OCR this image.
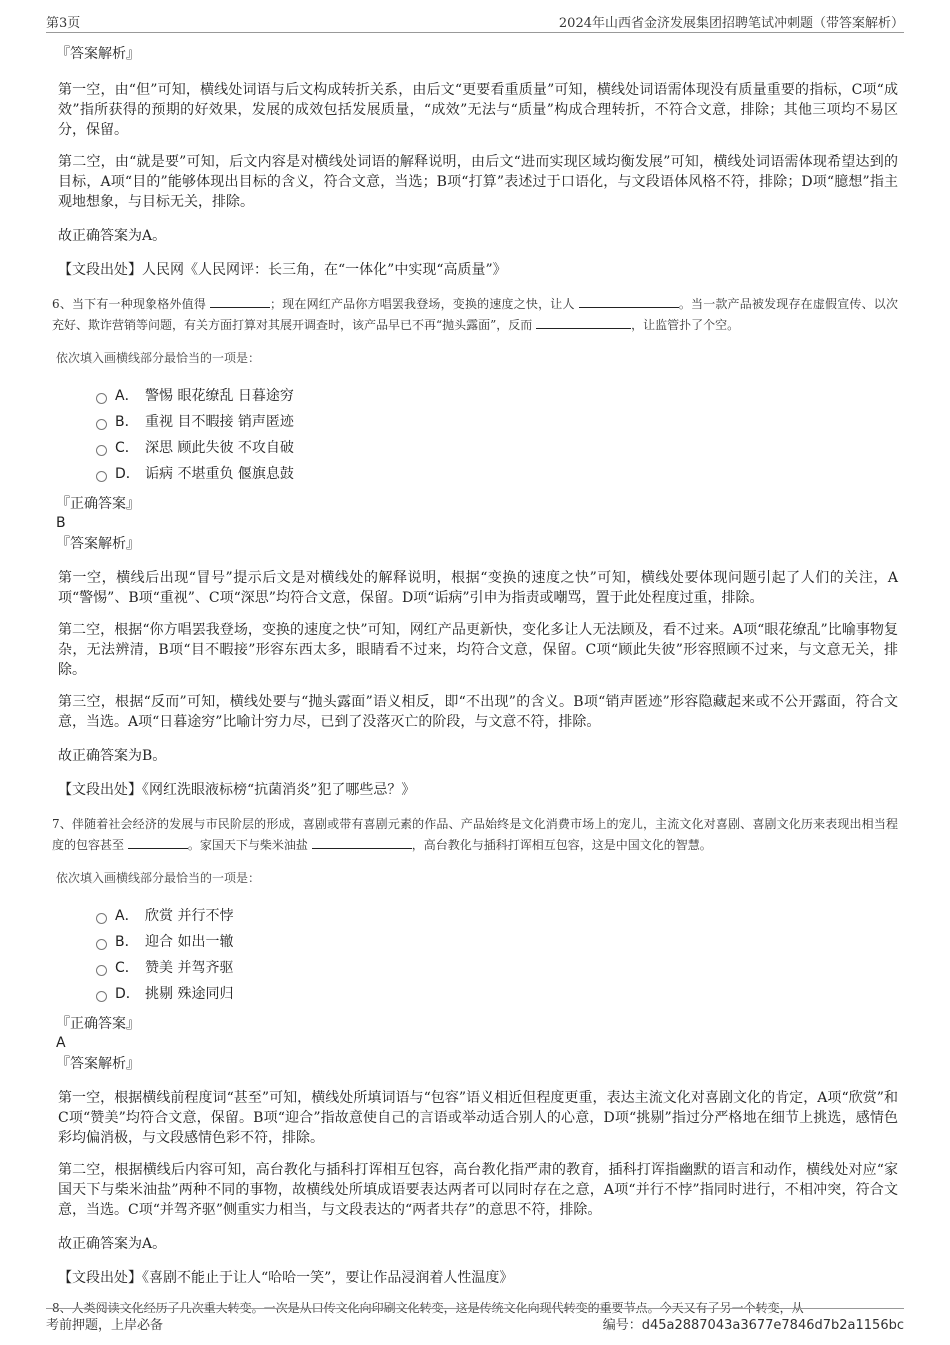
第3页	2024年山西省金济发展集团招聘笔试冲刺题（带答案解析）

『答案解析』

第一空，由“但”可知，横线处词语与后文构成转折关系，由后文“更要看重质量”可知，横线处词语需体现没有质量重要的指标，C项“成效”指所获得的预期的好效果，发展的成效包括发展质量，“成效”无法与“质量”构成合理转折，不符合文意，排除；其他三项均不易区分，保留。

第二空，由“就是要”可知，后文内容是对横线处词语的解释说明，由后文“进而实现区域均衡发展”可知，横线处词语需体现希望达到的目标，A项“目的”能够体现出目标的含义，符合文意，当选；B项“打算”表述过于口语化，与文段语体风格不符，排除；D项“臆想”指主观地想象，与目标无关，排除。

故正确答案为A。

【文段出处】人民网《人民网评：长三角，在“一体化”中实现“高质量”》

6、当下有一种现象格外值得	；现在网红产品你方唱罢我登场，变换的速度之快，让人	。当一款产品被发现存在虚假宣传、以次充好、欺诈营销等问题，有关方面打算对其展开调查时，该产品早已不再“抛头露面”，反而	，让监管扑了个空。

依次填入画横线部分最恰当的一项是：

A． 警惕 眼花缭乱 日暮途穷
B． 重视 目不暇接 销声匿迹
C． 深思 顾此失彼 不攻自破
D． 诟病 不堪重负 偃旗息鼓

『正确答案』

B

『答案解析』

第一空，横线后出现“冒号”提示后文是对横线处的解释说明，根据“变换的速度之快”可知，横线处要体现问题引起了人们的关注，A项“警惕”、B项“重视”、C项“深思”均符合文意，保留。D项“诟病”引申为指责或嘲骂，置于此处程度过重，排除。

第二空，根据“你方唱罢我登场，变换的速度之快”可知，网红产品更新快，变化多让人无法顾及，看不过来。A项“眼花缭乱”比喻事物复杂，无法辨清，B项“目不暇接”形容东西太多，眼睛看不过来，均符合文意，保留。C项“顾此失彼”形容照顾不过来，与文意无关，排除。

第三空，根据“反而”可知，横线处要与“抛头露面”语义相反，即“不出现”的含义。B项“销声匿迹”形容隐藏起来或不公开露面，符合文意，当选。A项“日暮途穷”比喻计穷力尽，已到了没落灭亡的阶段，与文意不符，排除。

故正确答案为B。

【文段出处】《网红洗眼液标榜“抗菌消炎”犯了哪些忌？》

7、伴随着社会经济的发展与市民阶层的形成，喜剧或带有喜剧元素的作品、产品始终是文化消费市场上的宠儿，主流文化对喜剧、喜剧文化历来表现出相当程度的包容甚至	。家国天下与柴米油盐	，高台教化与插科打诨相互包容，这是中国文化的智慧。

依次填入画横线部分最恰当的一项是：

A． 欣赏 并行不悖
B． 迎合 如出一辙
C． 赞美 并驾齐驱
D． 挑剔 殊途同归

『正确答案』

A

『答案解析』

第一空，根据横线前程度词“甚至”可知，横线处所填词语与“包容”语义相近但程度更重，表达主流文化对喜剧文化的肯定，A项“欣赏”和C项“赞美”均符合文意，保留。B项“迎合”指故意使自己的言语或举动适合别人的心意，D项“挑剔”指过分严格地在细节上挑选，感情色彩均偏消极，与文段感情色彩不符，排除。

第二空，根据横线后内容可知，高台教化与插科打诨相互包容，高台教化指严肃的教育，插科打诨指幽默的语言和动作，横线处对应“家国天下与柴米油盐”两种不同的事物，故横线处所填成语要表达两者可以同时存在之意，A项“并行不悖”指同时进行，不相冲突，符合文意，当选。C项“并驾齐驱”侧重实力相当，与文段表达的“两者共存”的意思不符，排除。

故正确答案为A。

【文段出处】《喜剧不能止于让人“哈哈一笑”，要让作品浸润着人性温度》

8、人类阅读文化经历了几次重大转变。一次是从口传文化向印刷文化转变，这是传统文化向现代转变的重要节点。今天又有了另一个转变，从

考前押题，上岸必备	编号：d45a2887043a3677e7846d7b2a1156bc
